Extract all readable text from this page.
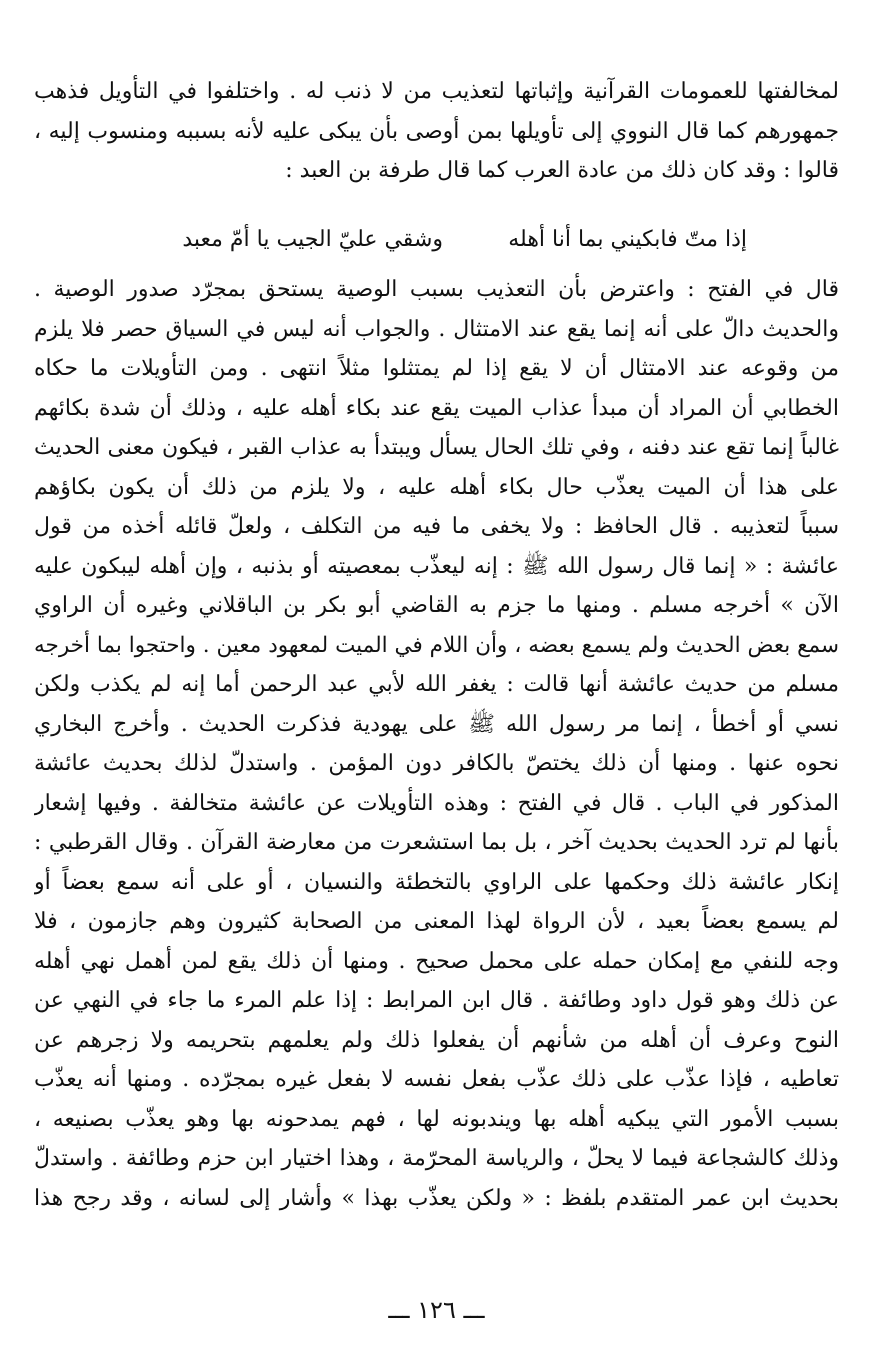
لمخالفتها للعمومات القرآنية وإثباتها لتعذيب من لا ذنب له . واختلفوا في التأويل فذهب
جمهورهم كما قال النووي إلى تأويلها بمن أوصى بأن يبكى عليه لأنه بسببه ومنسوب إليه ،
قالوا : وقد كان ذلك من عادة العرب كما قال طرفة بن العبد :
إذا متّ فابكيني بما أنا أهله
وشقي عليّ الجيب يا أمّ معبد
قال في الفتح : واعترض بأن التعذيب بسبب الوصية يستحق بمجرّد صدور الوصية .
والحديث دالّ على أنه إنما يقع عند الامتثال . والجواب أنه ليس في السياق حصر فلا يلزم
من وقوعه عند الامتثال أن لا يقع إذا لم يمتثلوا مثلاً انتهى . ومن التأويلات ما حكاه
الخطابي أن المراد أن مبدأ عذاب الميت يقع عند بكاء أهله عليه ، وذلك أن شدة بكائهم
غالباً إنما تقع عند دفنه ، وفي تلك الحال يسأل ويبتدأ به عذاب القبر ، فيكون معنى الحديث
على هذا أن الميت يعذّب حال بكاء أهله عليه ، ولا يلزم من ذلك أن يكون بكاؤهم
سبباً لتعذيبه . قال الحافظ : ولا يخفى ما فيه من التكلف ، ولعلّ قائله أخذه من قول
عائشة : « إنما قال رسول الله ﷺ : إنه ليعذّب بمعصيته أو بذنبه ، وإن أهله ليبكون عليه
الآن » أخرجه مسلم . ومنها ما جزم به القاضي أبو بكر بن الباقلاني وغيره أن الراوي
سمع بعض الحديث ولم يسمع بعضه ، وأن اللام في الميت لمعهود معين . واحتجوا بما أخرجه
مسلم من حديث عائشة أنها قالت : يغفر الله لأبي عبد الرحمن أما إنه لم يكذب ولكن
نسي أو أخطأ ، إنما مر رسول الله ﷺ على يهودية فذكرت الحديث . وأخرج البخاري
نحوه عنها . ومنها أن ذلك يختصّ بالكافر دون المؤمن . واستدلّ لذلك بحديث عائشة
المذكور في الباب . قال في الفتح : وهذه التأويلات عن عائشة متخالفة . وفيها إشعار
بأنها لم ترد الحديث بحديث آخر ، بل بما استشعرت من معارضة القرآن . وقال القرطبي :
إنكار عائشة ذلك وحكمها على الراوي بالتخطئة والنسيان ، أو على أنه سمع بعضاً أو
لم يسمع بعضاً بعيد ، لأن الرواة لهذا المعنى من الصحابة كثيرون وهم جازمون ، فلا
وجه للنفي مع إمكان حمله على محمل صحيح . ومنها أن ذلك يقع لمن أهمل نهي أهله
عن ذلك وهو قول داود وطائفة . قال ابن المرابط : إذا علم المرء ما جاء في النهي عن
النوح وعرف أن أهله من شأنهم أن يفعلوا ذلك ولم يعلمهم بتحريمه ولا زجرهم عن
تعاطيه ، فإذا عذّب على ذلك عذّب بفعل نفسه لا بفعل غيره بمجرّده . ومنها أنه يعذّب
بسبب الأمور التي يبكيه أهله بها ويندبونه لها ، فهم يمدحونه بها وهو يعذّب بصنيعه ،
وذلك كالشجاعة فيما لا يحلّ ، والرياسة المحرّمة ، وهذا اختيار ابن حزم وطائفة . واستدلّ
بحديث ابن عمر المتقدم بلفظ : « ولكن يعذّب بهذا » وأشار إلى لسانه ، وقد رجح هذا
ـــ ١٢٦ ـــ
